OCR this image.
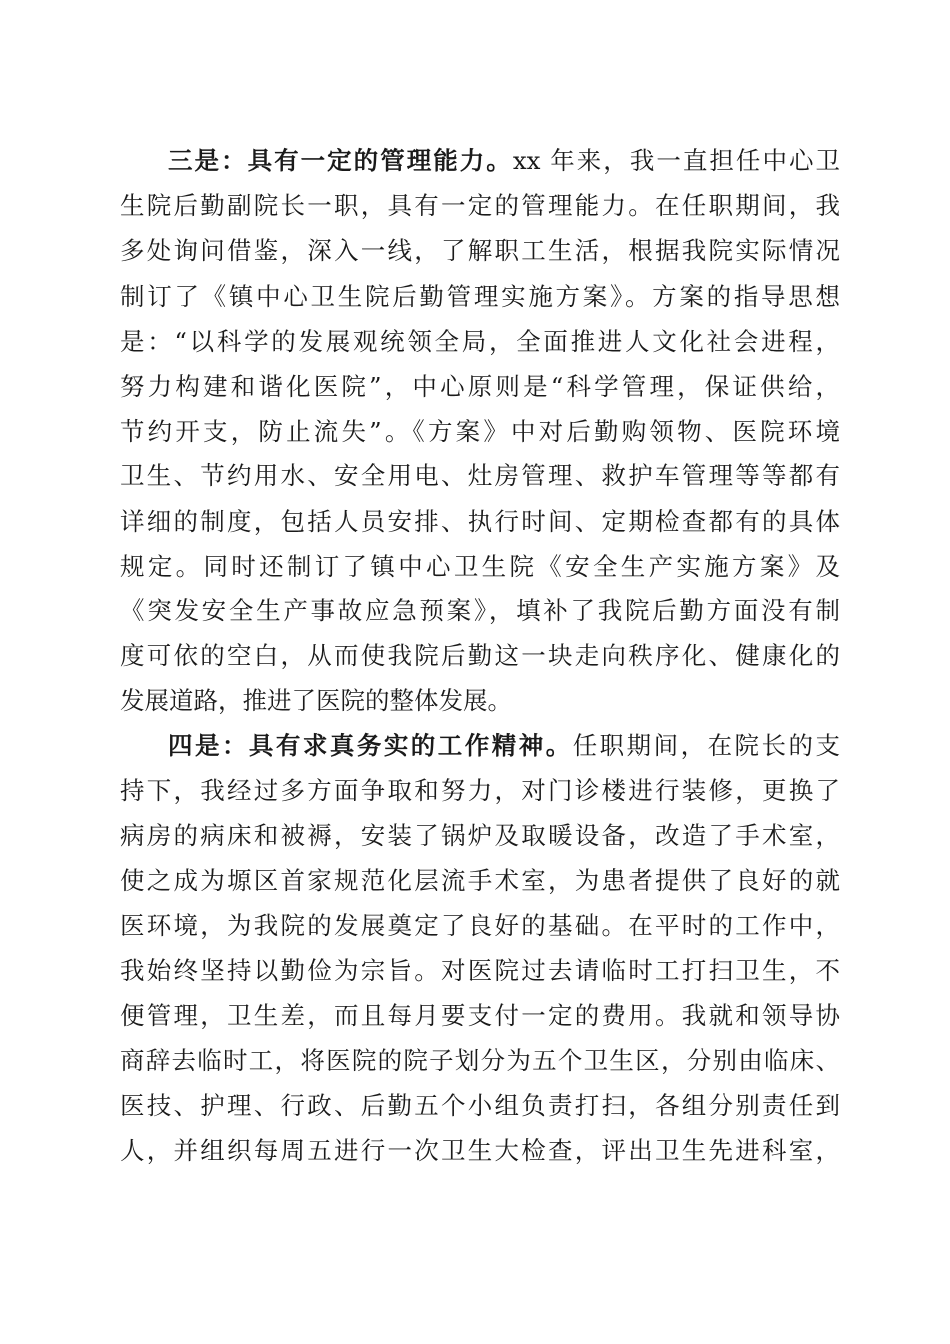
三是：具有一定的管理能力。xx 年来，我一直担任中心卫
生院后勤副院长一职，具有一定的管理能力。在任职期间，我
多处询问借鉴，深入一线，了解职工生活，根据我院实际情况
制订了《镇中心卫生院后勤管理实施方案》。方案的指导思想
是：“以科学的发展观统领全局，全面推进人文化社会进程，
努力构建和谐化医院”，中心原则是“科学管理，保证供给，
节约开支，防止流失”。《方案》中对后勤购领物、医院环境
卫生、节约用水、安全用电、灶房管理、救护车管理等等都有
详细的制度，包括人员安排、执行时间、定期检查都有的具体
规定。同时还制订了镇中心卫生院《安全生产实施方案》及
《突发安全生产事故应急预案》，填补了我院后勤方面没有制
度可依的空白，从而使我院后勤这一块走向秩序化、健康化的
发展道路，推进了医院的整体发展。
四是：具有求真务实的工作精神。任职期间，在院长的支
持下，我经过多方面争取和努力，对门诊楼进行装修，更换了
病房的病床和被褥，安装了锅炉及取暖设备，改造了手术室，
使之成为塬区首家规范化层流手术室，为患者提供了良好的就
医环境，为我院的发展奠定了良好的基础。在平时的工作中，
我始终坚持以勤俭为宗旨。对医院过去请临时工打扫卫生，不
便管理，卫生差，而且每月要支付一定的费用。我就和领导协
商辞去临时工，将医院的院子划分为五个卫生区，分别由临床、
医技、护理、行政、后勤五个小组负责打扫，各组分别责任到
人，并组织每周五进行一次卫生大检查，评出卫生先进科室，
